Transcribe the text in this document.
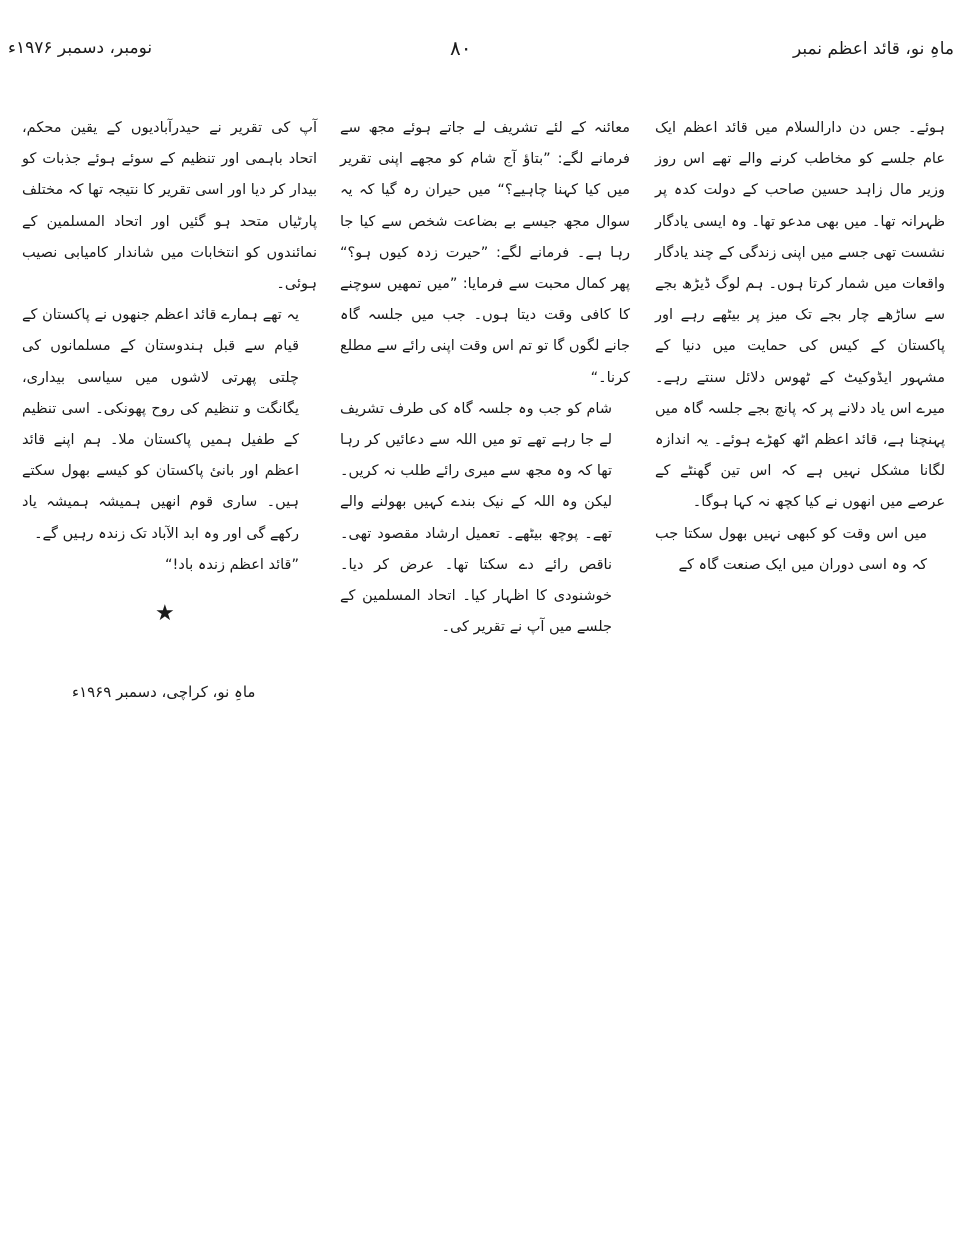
ماہِ نو، قائد اعظم نمبر
۸۰
نومبر، دسمبر ۱۹۷۶ء

ہوئے۔ جس دن دارالسلام میں قائد اعظم ایک عام جلسے کو مخاطب کرنے والے تھے اس روز وزیر مال زاہد حسین صاحب کے دولت کدہ پر ظہرانہ تھا۔ میں بھی مدعو تھا۔ وہ ایسی یادگار نشست تھی جسے میں اپنی زندگی کے چند یادگار واقعات میں شمار کرتا ہوں۔ ہم لوگ ڈیڑھ بجے سے ساڑھے چار بجے تک میز پر بیٹھے رہے اور پاکستان کے کیس کی حمایت میں دنیا کے مشہور ایڈوکیٹ کے ٹھوس دلائل سنتے رہے۔ میرے اس یاد دلانے پر کہ پانچ بجے جلسہ گاہ میں پہنچنا ہے، قائد اعظم اٹھ کھڑے ہوئے۔ یہ اندازہ لگانا مشکل نہیں ہے کہ اس تین گھنٹے کے عرصے میں انھوں نے کیا کچھ نہ کہا ہوگا۔

میں اس وقت کو کبھی نہیں بھول سکتا جب کہ وہ اسی دوران میں ایک صنعت گاہ کے

معائنہ کے لئے تشریف لے جاتے ہوئے مجھ سے فرمانے لگے: ”بتاؤ آج شام کو مجھے اپنی تقریر میں کیا کہنا چاہیے؟“ میں حیران رہ گیا کہ یہ سوال مجھ جیسے بے بضاعت شخص سے کیا جا رہا ہے۔ فرمانے لگے: ”حیرت زدہ کیوں ہو؟“ پھر کمال محبت سے فرمایا: ”میں تمھیں سوچنے کا کافی وقت دیتا ہوں۔ جب میں جلسہ گاہ جانے لگوں گا تو تم اس وقت اپنی رائے سے مطلع کرنا۔“

شام کو جب وہ جلسہ گاہ کی طرف تشریف لے جا رہے تھے تو میں اللہ سے دعائیں کر رہا تھا کہ وہ مجھ سے میری رائے طلب نہ کریں۔ لیکن وہ اللہ کے نیک بندے کہیں بھولنے والے تھے۔ پوچھ بیٹھے۔ تعمیل ارشاد مقصود تھی۔ ناقص رائے دے سکتا تھا۔ عرض کر دیا۔ خوشنودی کا اظہار کیا۔ اتحاد المسلمین کے جلسے میں آپ نے تقریر کی۔

آپ کی تقریر نے حیدرآبادیوں کے یقین محکم، اتحاد باہمی اور تنظیم کے سوئے ہوئے جذبات کو بیدار کر دیا اور اسی تقریر کا نتیجہ تھا کہ مختلف پارٹیاں متحد ہو گئیں اور اتحاد المسلمین کے نمائندوں کو انتخابات میں شاندار کامیابی نصیب ہوئی۔

یہ تھے ہمارے قائد اعظم جنھوں نے پاکستان کے قیام سے قبل ہندوستان کے مسلمانوں کی چلتی پھرتی لاشوں میں سیاسی بیداری، یگانگت و تنظیم کی روح پھونکی۔ اسی تنظیم کے طفیل ہمیں پاکستان ملا۔ ہم اپنے قائد اعظم اور بانیٔ پاکستان کو کیسے بھول سکتے ہیں۔ ساری قوم انھیں ہمیشہ ہمیشہ یاد رکھے گی اور وہ ابد الآباد تک زندہ رہیں گے۔

”قائد اعظم زندہ باد!“

★
ماہِ نو، کراچی، دسمبر ۱۹۶۹ء
